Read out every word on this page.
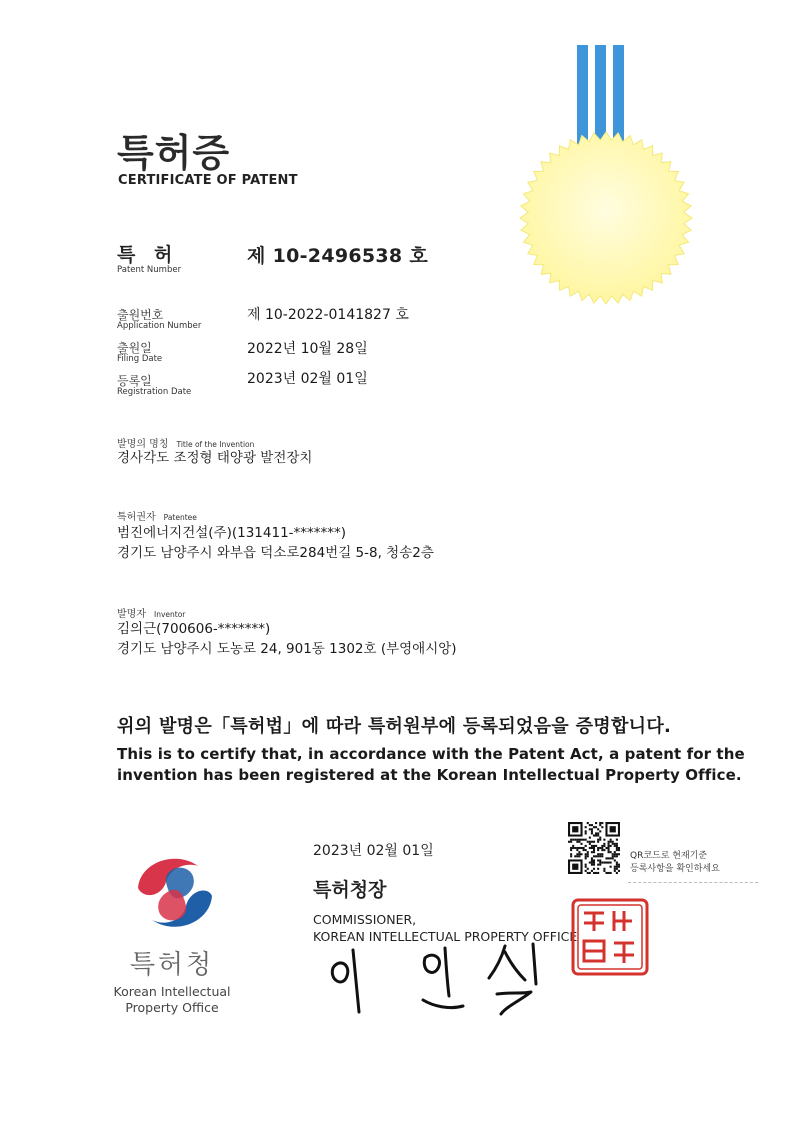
특허증
CERTIFICATE OF PATENT
특 허
Patent Number
제 10-2496538 호
출원번호
Application Number
제 10-2022-0141827 호
출원일
Filing Date
2022년 10월 28일
등록일
Registration Date
2023년 02월 01일
발명의 명칭 Title of the Invention
경사각도 조정형 태양광 발전장치
특허권자 Patentee
범진에너지건설(주)(131411-*******)
경기도 남양주시 와부읍 덕소로284번길 5-8, 청송2층
발명자 Inventor
김의근(700606-*******)
경기도 남양주시 도농로 24, 901동 1302호 (부영애시앙)
위의 발명은「특허법」에 따라 특허원부에 등록되었음을 증명합니다.
This is to certify that, in accordance with the Patent Act, a patent for the
invention has been registered at the Korean Intellectual Property Office.
2023년 02월 01일	QR코드로 현재기준
등록사항을 확인하세요
특허청장
COMMISSIONER,
KOREAN INTELLECTUAL PROPERTY OFFICE
특허청
Korean Intellectual
Property Office
